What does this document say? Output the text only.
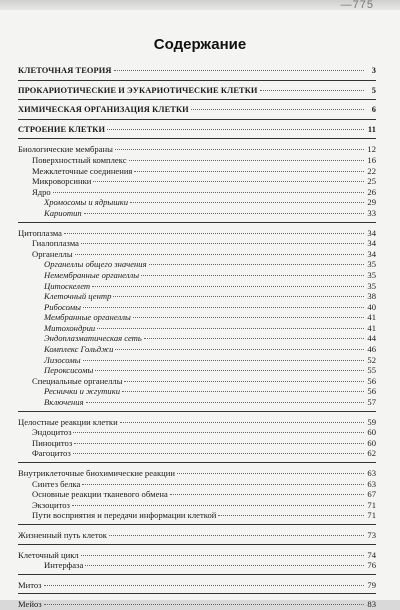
—775
Содержание
КЛЕТОЧНАЯ ТЕОРИЯ	3
ПРОКАРИОТИЧЕСКИЕ И ЭУКАРИОТИЧЕСКИЕ КЛЕТКИ	5
ХИМИЧЕСКАЯ ОРГАНИЗАЦИЯ КЛЕТКИ	6
СТРОЕНИЕ КЛЕТКИ	11
Биологические мембраны	12
Поверхностный комплекс	16
Межклеточные соединения	22
Микроворсинки	25
Ядро	26
Хромосомы и ядрышки	29
Кариотип	33
Цитоплазма	34
Гиалоплазма	34
Органеллы	34
Органеллы общего значения	35
Немембранные органеллы	35
Цитоскелет	35
Клеточный центр	38
Рибосомы	40
Мембранные органеллы	41
Митохондрии	41
Эндоплазматическая сеть	44
Комплекс Гольджи	46
Лизосомы	52
Пероксисомы	55
Специальные органеллы	56
Реснички и жгутики	56
Включения	57
Целостные реакции клетки	59
Эндоцитоз	60
Пиноцитоз	60
Фагоцитоз	62
Внутриклеточные биохимические реакции	63
Синтез белка	63
Основные реакции тканевого обмена	67
Экзоцитоз	71
Пути восприятия и передачи информации клеткой	71
Жизненный путь клеток	73
Клеточный цикл	74
Интерфаза	76
Митоз	79
Мейоз	83
